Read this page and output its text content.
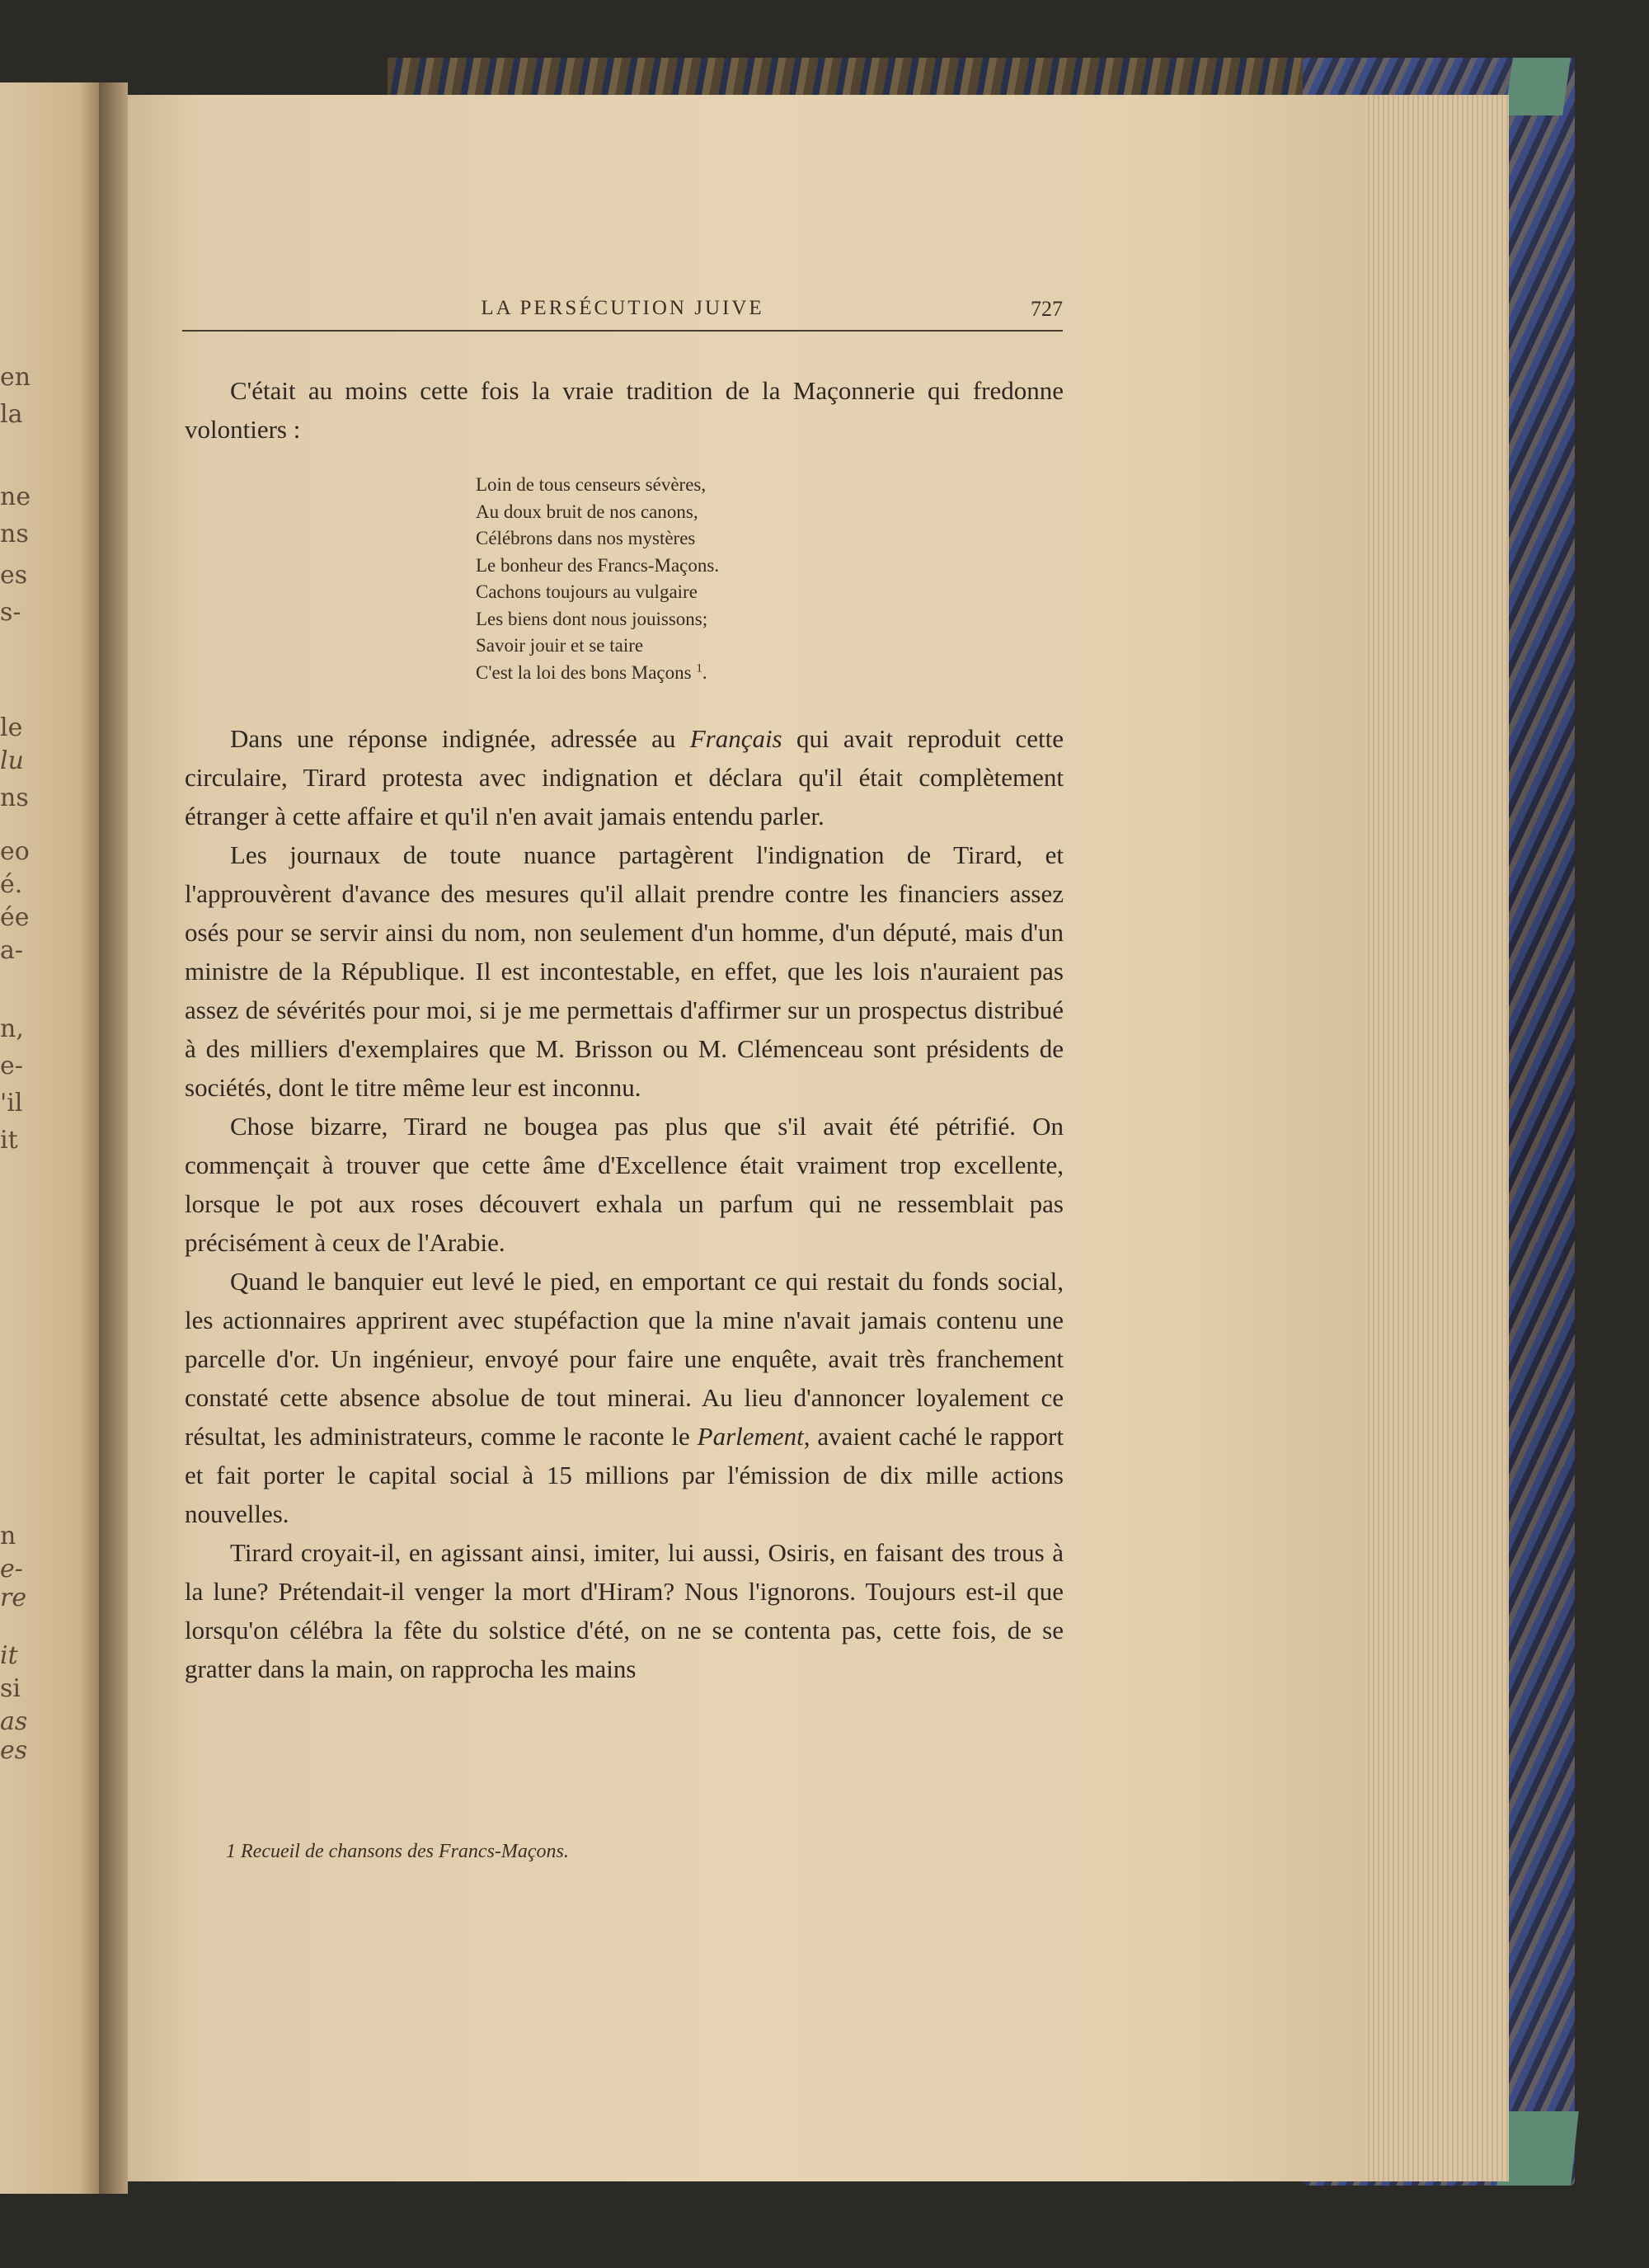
en
la
ne
ns
es
s-
le
lu
ns
eo
é.
ée
a-
n,
e-
'il
it
n
e-
re
it
si
as
es
LA PERSÉCUTION JUIVE	727

C'était au moins cette fois la vraie tradition de la Maçonnerie qui fredonne volontiers :

Loin de tous censeurs sévères,
Au doux bruit de nos canons,
Célébrons dans nos mystères
Le bonheur des Francs-Maçons.
Cachons toujours au vulgaire
Les biens dont nous jouissons;
Savoir jouir et se taire
C'est la loi des bons Maçons $^1$.

Dans une réponse indignée, adressée au Français qui avait reproduit cette circulaire, Tirard protesta avec indignation et déclara qu'il était complètement étranger à cette affaire et qu'il n'en avait jamais entendu parler.

Les journaux de toute nuance partagèrent l'indignation de Tirard, et l'approuvèrent d'avance des mesures qu'il allait prendre contre les financiers assez osés pour se servir ainsi du nom, non seulement d'un homme, d'un député, mais d'un ministre de la République. Il est incontestable, en effet, que les lois n'auraient pas assez de sévérités pour moi, si je me permettais d'affirmer sur un prospectus distribué à des milliers d'exemplaires que M. Brisson ou M. Clémenceau sont présidents de sociétés, dont le titre même leur est inconnu.

Chose bizarre, Tirard ne bougea pas plus que s'il avait été pétrifié. On commençait à trouver que cette âme d'Excellence était vraiment trop excellente, lorsque le pot aux roses découvert exhala un parfum qui ne ressemblait pas précisément à ceux de l'Arabie.

Quand le banquier eut levé le pied, en emportant ce qui restait du fonds social, les actionnaires apprirent avec stupéfaction que la mine n'avait jamais contenu une parcelle d'or. Un ingénieur, envoyé pour faire une enquête, avait très franchement constaté cette absence absolue de tout minerai. Au lieu d'annoncer loyalement ce résultat, les administrateurs, comme le raconte le Parlement, avaient caché le rapport et fait porter le capital social à 15 millions par l'émission de dix mille actions nouvelles.

Tirard croyait-il, en agissant ainsi, imiter, lui aussi, Osiris, en faisant des trous à la lune? Prétendait-il venger la mort d'Hiram? Nous l'ignorons. Toujours est-il que lorsqu'on célébra la fête du solstice d'été, on ne se contenta pas, cette fois, de se gratter dans la main, on rapprocha les mains

1 Recueil de chansons des Francs-Maçons.
